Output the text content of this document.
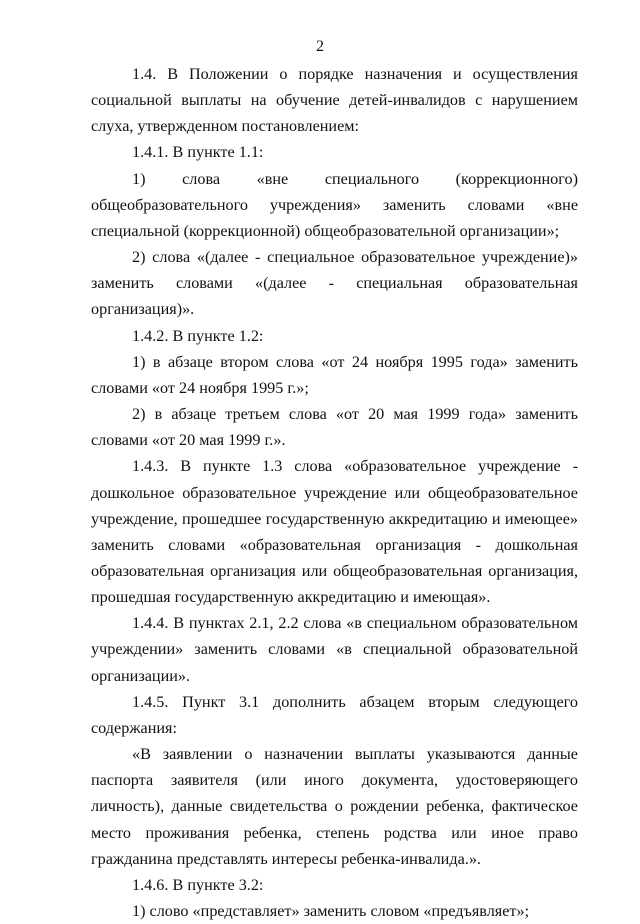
2

1.4. В Положении о порядке назначения и осуществления социальной выплаты на обучение детей-инвалидов с нарушением слуха, утвержденном постановлением:

1.4.1. В пункте 1.1:

1) слова «вне специального (коррекционного) общеобразовательного учреждения» заменить словами «вне специальной (коррекционной) общеобразовательной организации»;

2) слова «(далее - специальное образовательное учреждение)» заменить словами «(далее - специальная образовательная организация)».

1.4.2. В пункте 1.2:

1) в абзаце втором слова «от 24 ноября 1995 года» заменить словами «от 24 ноября 1995 г.»;

2) в абзаце третьем слова «от 20 мая 1999 года» заменить словами «от 20 мая 1999 г.».

1.4.3. В пункте 1.3 слова «образовательное учреждение - дошкольное образовательное учреждение или общеобразовательное учреждение, прошедшее государственную аккредитацию и имеющее» заменить словами «образовательная организация - дошкольная образовательная организация или общеобразовательная организация, прошедшая государственную аккредитацию и имеющая».

1.4.4. В пунктах 2.1, 2.2 слова «в специальном образовательном учреждении» заменить словами «в специальной образовательной организации».

1.4.5. Пункт 3.1 дополнить абзацем вторым следующего содержания:

«В заявлении о назначении выплаты указываются данные паспорта заявителя (или иного документа, удостоверяющего личность), данные свидетельства о рождении ребенка, фактическое место проживания ребенка, степень родства или иное право гражданина представлять интересы ребенка-инвалида.».

1.4.6. В пункте 3.2:

1) слово «представляет» заменить словом «предъявляет»;
